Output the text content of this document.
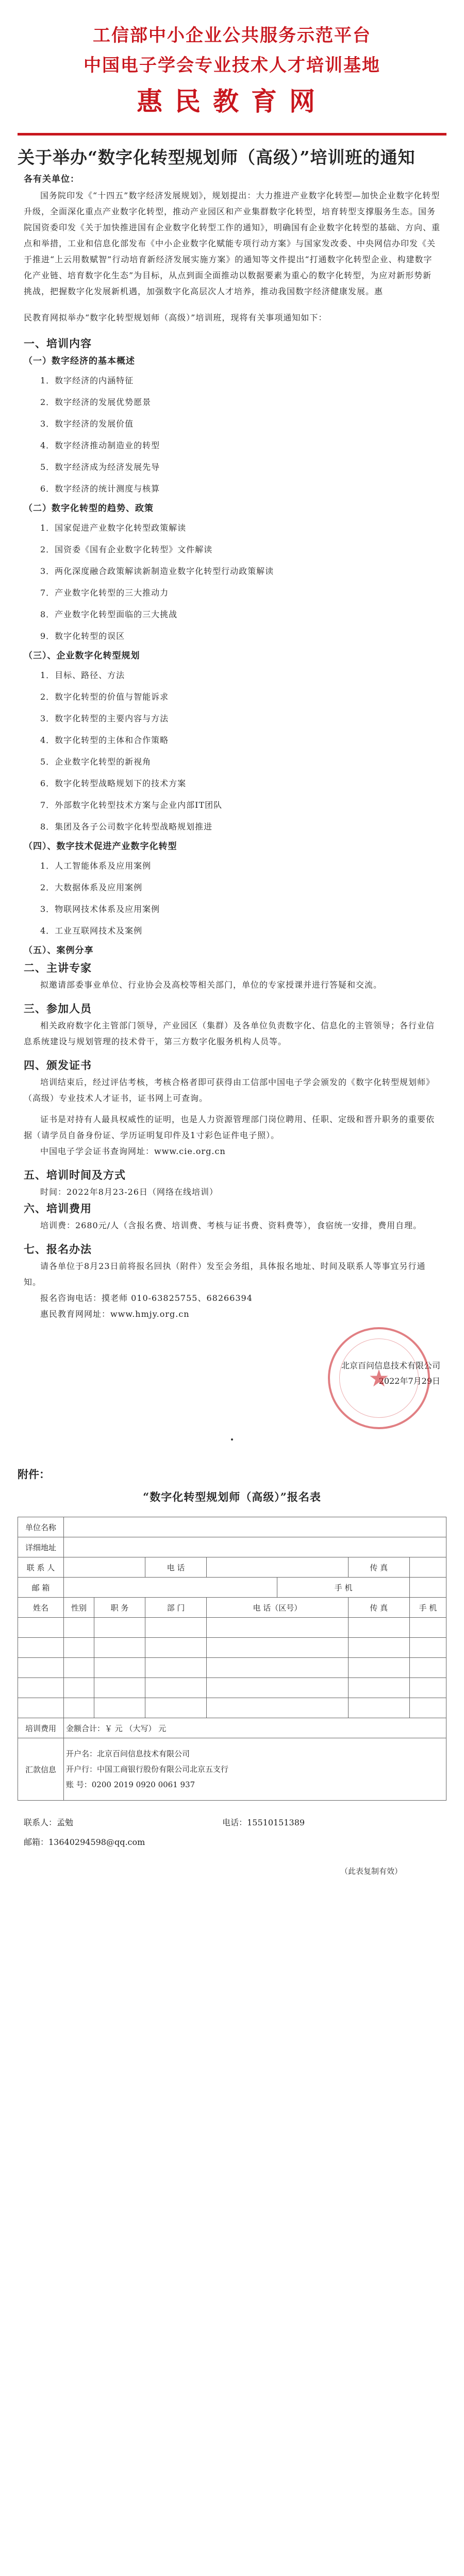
工信部中小企业公共服务示范平台
中国电子学会专业技术人才培训基地
惠民教育网
关于举办“数字化转型规划师（高级）”培训班的通知

各有关单位：

国务院印发《“十四五”数字经济发展规划》，规划提出：大力推进产业数字化转型—加快企业数字化转型升级，全面深化重点产业数字化转型，推动产业园区和产业集群数字化转型，培育转型支撑服务生态。国务院国资委印发《关于加快推进国有企业数字化转型工作的通知》，明确国有企业数字化转型的基础、方向、重点和举措，工业和信息化部发布《中小企业数字化赋能专项行动方案》与国家发改委、中央网信办印发《关于推进“上云用数赋智”行动培育新经济发展实施方案》的通知等文件提出“打通数字化转型企业、构建数字化产业链、培育数字化生态”为目标，从点到面全面推动以数据要素为重心的数字化转型，为应对新形势新挑战，把握数字化发展新机遇，加强数字化高层次人才培养，推动我国数字经济健康发展。惠

民教育网拟举办“数字化转型规划师（高级）”培训班，现将有关事项通知如下：

一、培训内容

（一）数字经济的基本概述

1．数字经济的内涵特征

2．数字经济的发展优势愿景

3．数字经济的发展价值

4．数字经济推动制造业的转型

5．数字经济成为经济发展先导

6．数字经济的统计测度与核算

（二）数字化转型的趋势、政策

1．国家促进产业数字化转型政策解读

2．国资委《国有企业数字化转型》文件解读

3．两化深度融合政策解读新制造业数字化转型行动政策解读

7．产业数字化转型的三大推动力

8．产业数字化转型面临的三大挑战

9．数字化转型的误区

（三）、企业数字化转型规划

1．目标、路径、方法

2．数字化转型的价值与智能诉求

3．数字化转型的主要内容与方法

4．数字化转型的主体和合作策略

5．企业数字化转型的新视角

6．数字化转型战略规划下的技术方案

7．外部数字化转型技术方案与企业内部IT团队

8．集团及各子公司数字化转型战略规划推进

（四）、数字技术促进产业数字化转型

1．人工智能体系及应用案例

2．大数据体系及应用案例

3．物联网技术体系及应用案例

4．工业互联网技术及案例

（五）、案例分享

二、主讲专家

拟邀请部委事业单位、行业协会及高校等相关部门，单位的专家授课并进行答疑和交流。

三、参加人员

相关政府数字化主管部门领导，产业园区（集群）及各单位负责数字化、信息化的主管领导；各行业信息系统建设与规划管理的技术骨干，第三方数字化服务机构人员等。

四、颁发证书

培训结束后，经过评估考核，考核合格者即可获得由工信部中国电子学会颁发的《数字化转型规划师》（高级）专业技术人才证书，证书网上可查询。

证书是对持有人最具权威性的证明，也是人力资源管理部门岗位聘用、任职、定级和晋升职务的重要依据（请学员自备身份证、学历证明复印件及1寸彩色证件电子照）。

中国电子学会证书查询网址：www.cie.org.cn

五、培训时间及方式

时间：2022年8月23-26日（网络在线培训）

六、培训费用

培训费：2680元/人（含报名费、培训费、考核与证书费、资料费等），食宿统一安排，费用自理。

七、报名办法

请各单位于8月23日前将报名回执（附件）发至会务组，具体报名地址、时间及联系人等事宜另行通知。

报名咨询电话：摸老师 010-63825755、68266394

惠民教育网网址：www.hmjy.org.cn

★
北京百问信息技术有限公司
2022年7月29日
附件：
“数字化转型规划师（高级）”报名表
单位名称							
详细地址							
联 系 人			电 话			传 真	
邮 箱					手 机		
姓名	性别	职 务	部 门	电 话（区号）		传 真	手 机

培训费用	金额合计：￥ 元 （大写） 元						
汇款信息	开户名：北京百问信息技术有限公司
开户行：中国工商银行股份有限公司北京五支行
账 号：0200 2019 0920 0061 937						
联系人：孟勉	电话：15510151389
邮箱：13640294598@qq.com
（此表复制有效）
